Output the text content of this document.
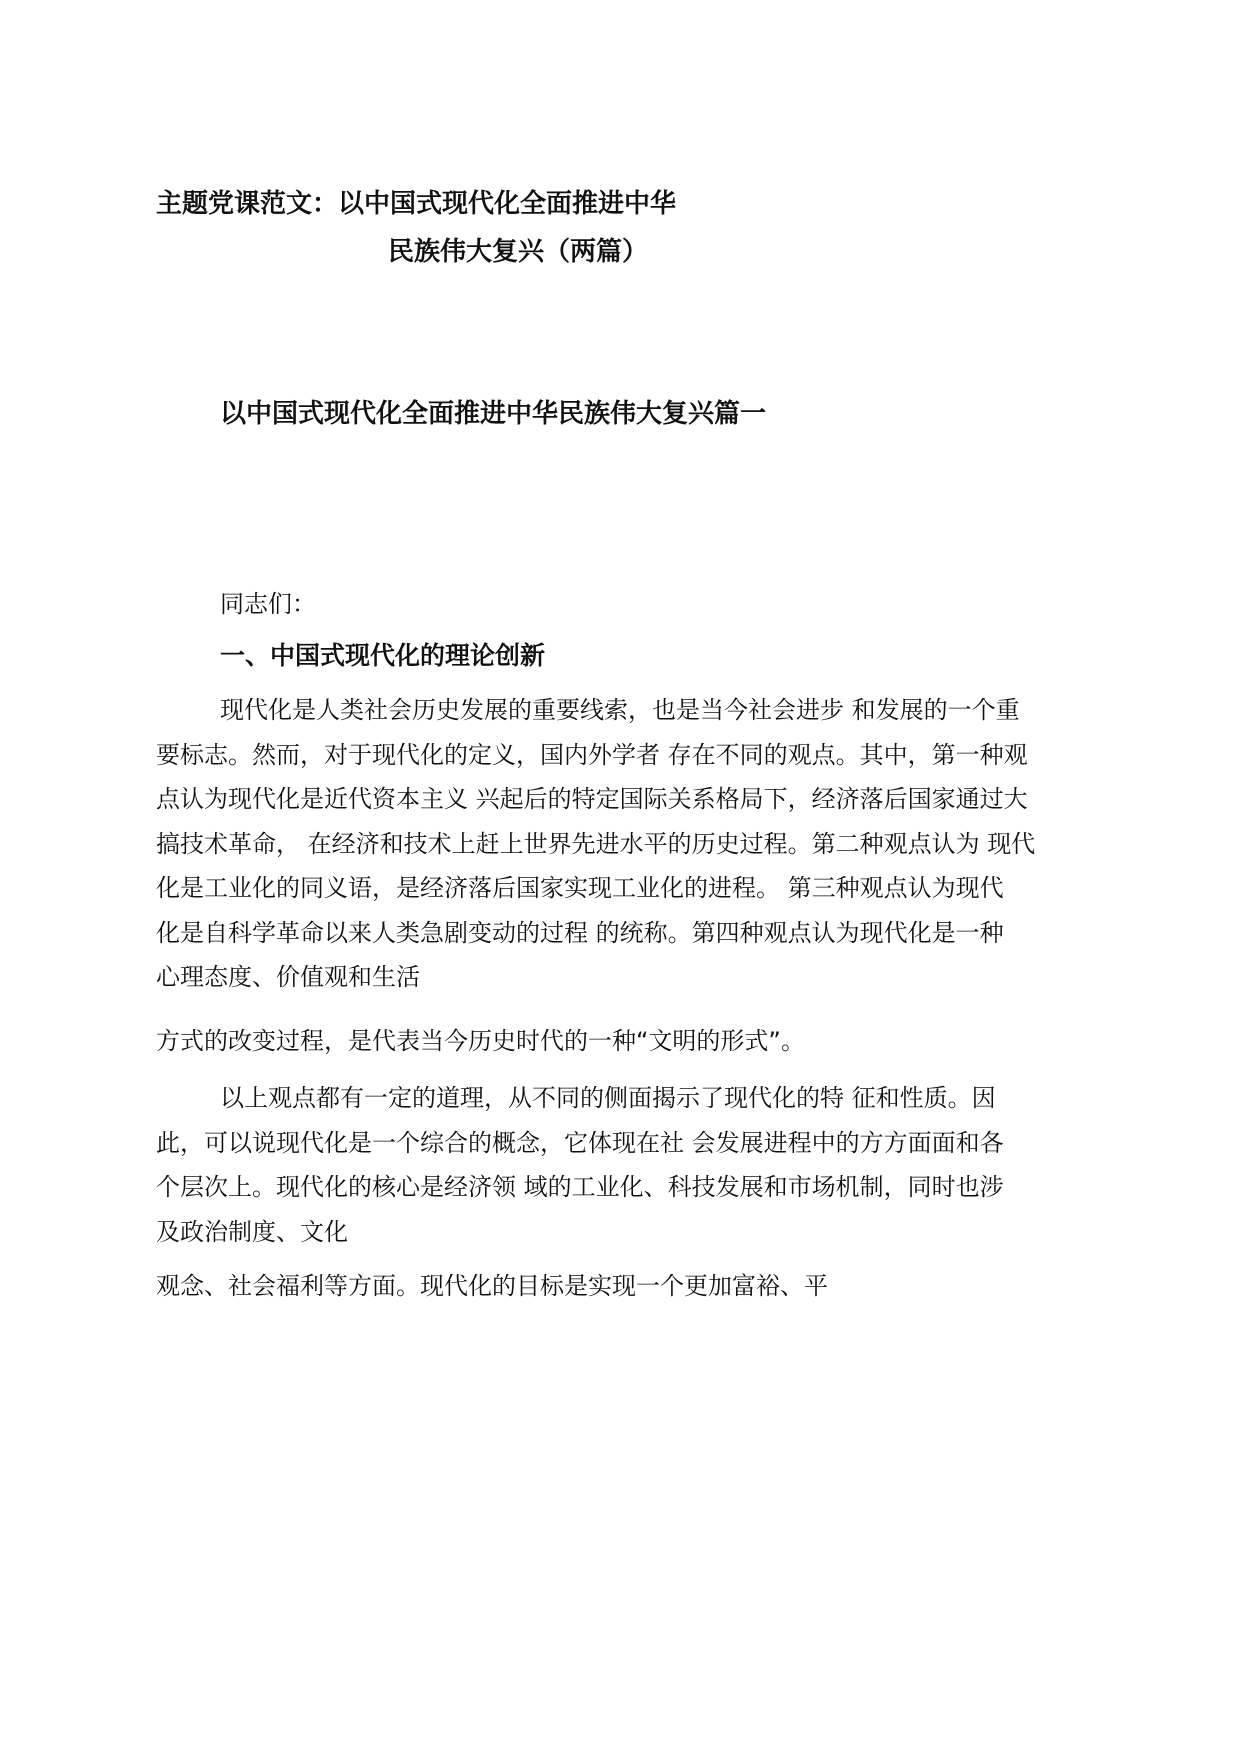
主题党课范文：以中国式现代化全面推进中华
民族伟大复兴（两篇）
以中国式现代化全面推进中华民族伟大复兴篇一
同志们：
一、中国式现代化的理论创新
现代化是人类社会历史发展的重要线索，也是当今社会进步 和发展的一个重
要标志。然而，对于现代化的定义，国内外学者 存在不同的观点。其中，第一种观
点认为现代化是近代资本主义 兴起后的特定国际关系格局下，经济落后国家通过大
搞技术革命， 在经济和技术上赶上世界先进水平的历史过程。第二种观点认为 现代
化是工业化的同义语，是经济落后国家实现工业化的进程。 第三种观点认为现代
化是自科学革命以来人类急剧变动的过程 的统称。第四种观点认为现代化是一种
心理态度、价值观和生活
方式的改变过程，是代表当今历史时代的一种“文明的形式”。
以上观点都有一定的道理，从不同的侧面揭示了现代化的特 征和性质。因
此，可以说现代化是一个综合的概念，它体现在社 会发展进程中的方方面面和各
个层次上。现代化的核心是经济领 域的工业化、科技发展和市场机制，同时也涉
及政治制度、文化
观念、社会福利等方面。现代化的目标是实现一个更加富裕、平
